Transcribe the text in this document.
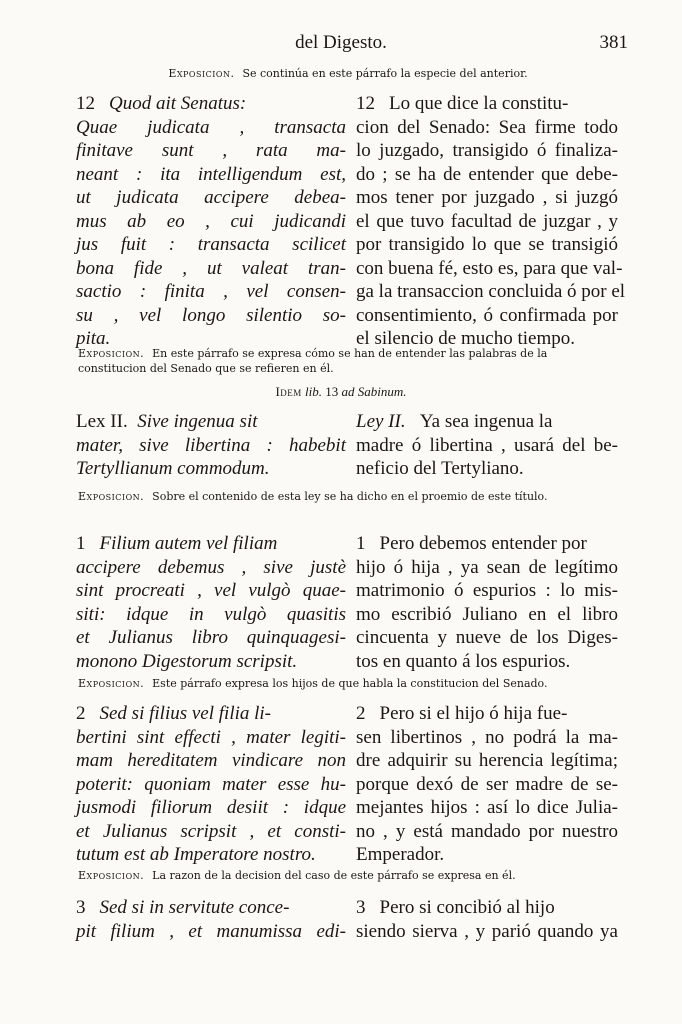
del Digesto.	381
Exposicion. Se continúa en este párrafo la especie del anterior.
12 Quod ait Senatus:
Quae judicata , transacta
finitave sunt , rata ma-
neant : ita intelligendum est,
ut judicata accipere debea-
mus ab eo , cui judicandi
jus fuit : transacta scilicet
bona fide , ut valeat tran-
sactio : finita , vel consen-
su , vel longo silentio so-
pita.
12 Lo que dice la constitu-
cion del Senado: Sea firme todo
lo juzgado, transigido ó finaliza-
do ; se ha de entender que debe-
mos tener por juzgado , si juzgó
el que tuvo facultad de juzgar , y
por transigido lo que se transigió
con buena fé, esto es, para que val-
ga la transaccion concluida ó por el
consentimiento, ó confirmada por
el silencio de mucho tiempo.
Exposicion. En este párrafo se expresa cómo se han de entender las palabras de la constitucion del Senado que se refieren en él.
Idem lib. 13 ad Sabinum.
Lex II. Sive ingenua sit
mater, sive libertina : habebit
Tertyllianum commodum.
Ley II. Ya sea ingenua la
madre ó libertina , usará del be-
neficio del Tertyliano.
Exposicion. Sobre el contenido de esta ley se ha dicho en el proemio de este título.
1 Filium autem vel filiam
accipere debemus , sive justè
sint procreati , vel vulgò quae-
siti: idque in vulgò quasitis
et Julianus libro quinquagesi-
monono Digestorum scripsit.
1 Pero debemos entender por
hijo ó hija , ya sean de legítimo
matrimonio ó espurios : lo mis-
mo escribió Juliano en el libro
cincuenta y nueve de los Diges-
tos en quanto á los espurios.
Exposicion. Este párrafo expresa los hijos de que habla la constitucion del Senado.
2 Sed si filius vel filia li-
bertini sint effecti , mater legiti-
mam hereditatem vindicare non
poterit: quoniam mater esse hu-
jusmodi filiorum desiit : idque
et Julianus scripsit , et consti-
tutum est ab Imperatore nostro.
2 Pero si el hijo ó hija fue-
sen libertinos , no podrá la ma-
dre adquirir su herencia legítima;
porque dexó de ser madre de se-
mejantes hijos : así lo dice Julia-
no , y está mandado por nuestro
Emperador.
Exposicion. La razon de la decision del caso de este párrafo se expresa en él.
3 Sed si in servitute conce-
pit filium , et manumissa edi-
3 Pero si concibió al hijo
siendo sierva , y parió quando ya
